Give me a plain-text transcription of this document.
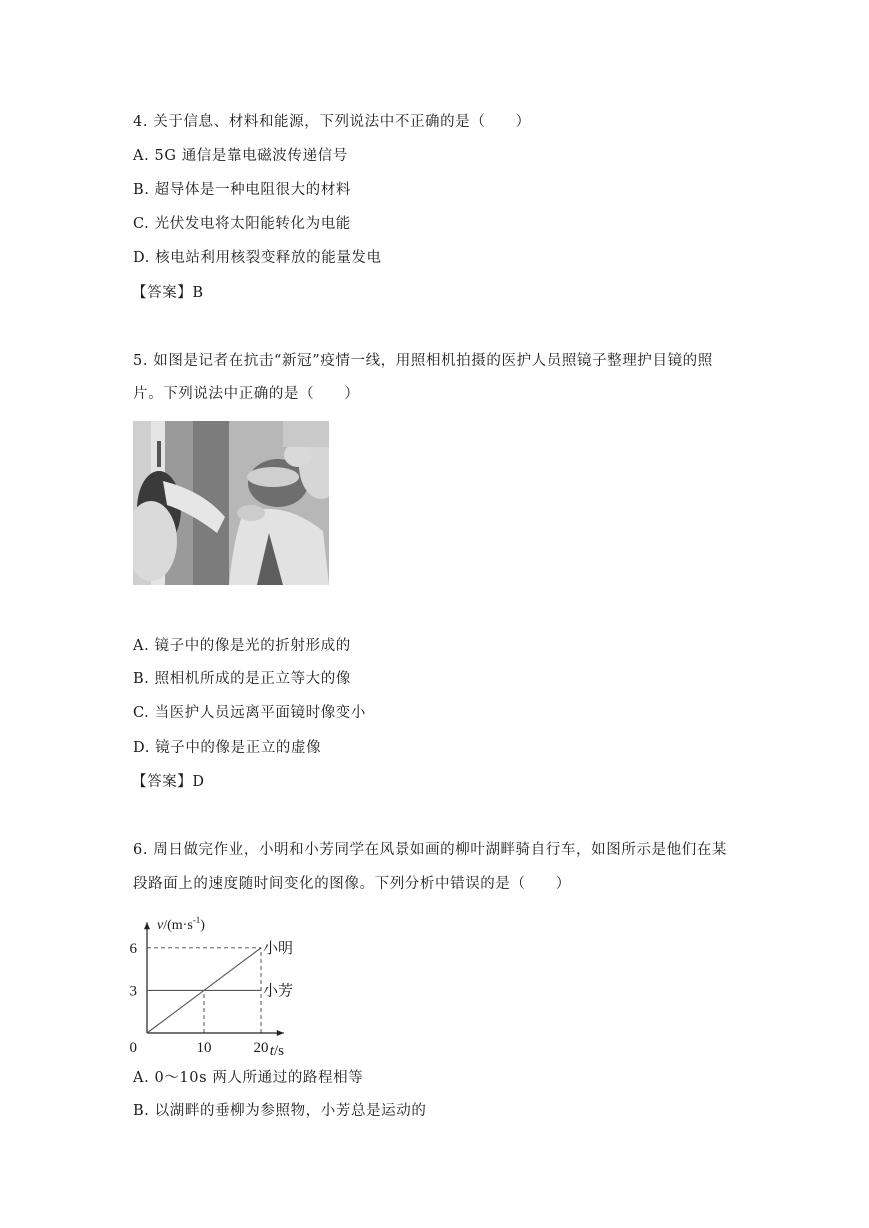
4. 关于信息、材料和能源，下列说法中不正确的是（　　）
A. 5G 通信是靠电磁波传递信号
B. 超导体是一种电阻很大的材料
C. 光伏发电将太阳能转化为电能
D. 核电站利用核裂变释放的能量发电
【答案】B
5. 如图是记者在抗击“新冠”疫情一线，用照相机拍摄的医护人员照镜子整理护目镜的照
片。下列说法中正确的是（　　）
A. 镜子中的像是光的折射形成的
B. 照相机所成的是正立等大的像
C. 当医护人员远离平面镜时像变小
D. 镜子中的像是正立的虚像
【答案】D
6. 周日做完作业，小明和小芳同学在风景如画的柳叶湖畔骑自行车，如图所示是他们在某
段路面上的速度随时间变化的图像。下列分析中错误的是（　　）
小明
小芳
10	20
3
6
0
$v/(m\cdot s^{-1})$
t/s
A. 0～10s 两人所通过的路程相等
B. 以湖畔的垂柳为参照物，小芳总是运动的
